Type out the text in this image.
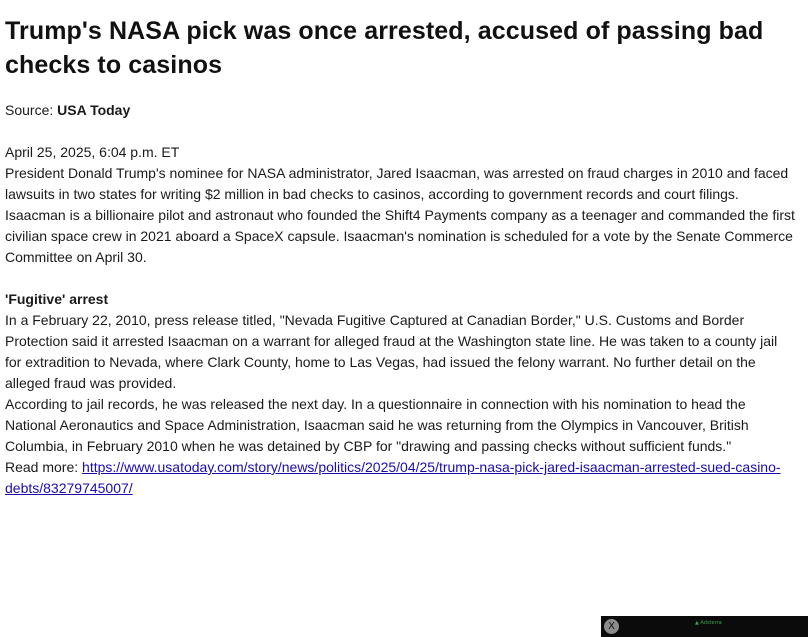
Trump's NASA pick was once arrested, accused of passing bad checks to casinos

Source: USA Today

April 25, 2025, 6:04 p.m. ET

President Donald Trump's nominee for NASA administrator, Jared Isaacman, was arrested on fraud charges in 2010 and faced lawsuits in two states for writing $2 million in bad checks to casinos, according to government records and court filings.

Isaacman is a billionaire pilot and astronaut who founded the Shift4 Payments company as a teenager and commanded the first civilian space crew in 2021 aboard a SpaceX capsule. Isaacman's nomination is scheduled for a vote by the Senate Commerce Committee on April 30.

'Fugitive' arrest

In a February 22, 2010, press release titled, "Nevada Fugitive Captured at Canadian Border," U.S. Customs and Border Protection said it arrested Isaacman on a warrant for alleged fraud at the Washington state line. He was taken to a county jail for extradition to Nevada, where Clark County, home to Las Vegas, had issued the felony warrant. No further detail on the alleged fraud was provided.

According to jail records, he was released the next day. In a questionnaire in connection with his nomination to head the National Aeronautics and Space Administration, Isaacman said he was returning from the Olympics in Vancouver, British Columbia, in February 2010 when he was detained by CBP for "drawing and passing checks without sufficient funds."

Read more: https://www.usatoday.com/story/news/politics/2025/04/25/trump-nasa-pick-jared-isaacman-arrested-sued-casino-debts/83279745007/

X	▲ Adsterra
